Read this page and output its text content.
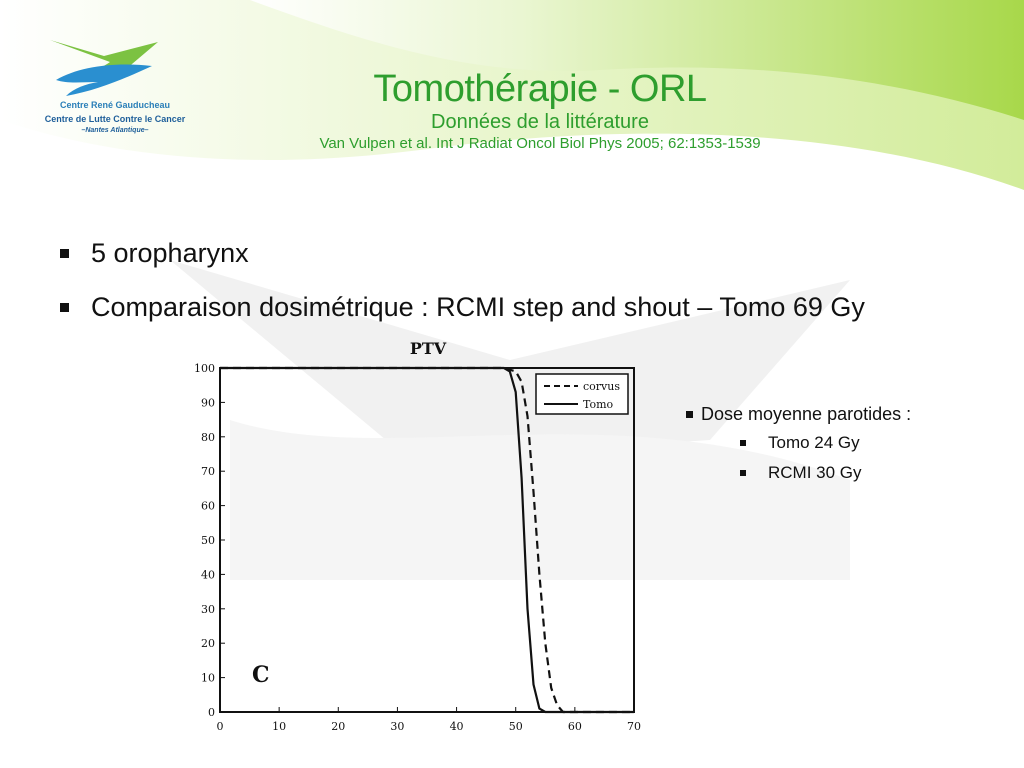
Centre René Gauducheau
Centre de Lutte Contre le Cancer
–Nantes Atlantique–
Tomothérapie - ORL
Données de la littérature
Van Vulpen et al. Int J Radiat Oncol Biol Phys 2005; 62:1353-1539
5 oropharynx
Comparaison dosimétrique : RCMI step and shout – Tomo 69 Gy
PTV
0	10	20	30	40	50	60	70
0
10
20
30
40
50
60
70
80
90
100
C
corvus
Tomo	Dose moyenne parotides :
Tomo 24 Gy
RCMI 30 Gy
